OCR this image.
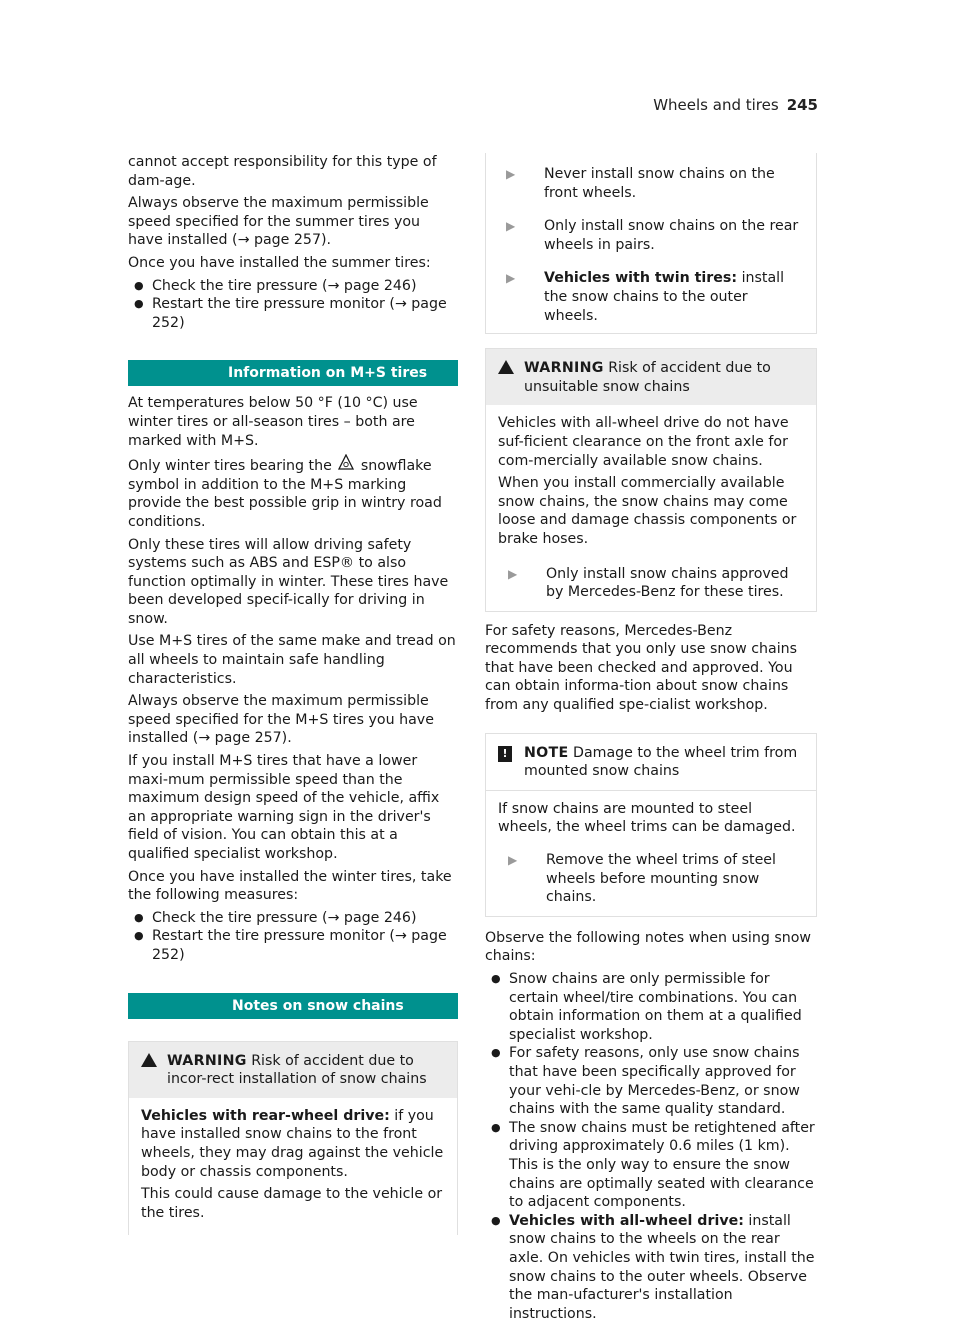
Wheels and tires 245

cannot accept responsibility for this type of dam-age.

Always observe the maximum permissible speed specified for the summer tires you have installed (→ page 257).

Once you have installed the summer tires:

● Check the tire pressure (→ page 246)
● Restart the tire pressure monitor (→ page 252)
Information on M+S tires

At temperatures below 50 °F (10 °C) use winter tires or all-season tires – both are marked with M+S.

Only winter tires bearing the snowflake symbol in addition to the M+S marking provide the best possible grip in wintry road conditions.

Only these tires will allow driving safety systems such as ABS and ESP® to also function optimally in winter. These tires have been developed specif-ically for driving in snow.

Use M+S tires of the same make and tread on all wheels to maintain safe handling characteristics.

Always observe the maximum permissible speed specified for the M+S tires you have installed (→ page 257).

If you install M+S tires that have a lower maxi-mum permissible speed than the maximum design speed of the vehicle, affix an appropriate warning sign in the driver's field of vision. You can obtain this at a qualified specialist workshop.

Once you have installed the winter tires, take the following measures:

● Check the tire pressure (→ page 246)
● Restart the tire pressure monitor (→ page 252)
Notes on snow chains
WARNING Risk of accident due to incor-rect installation of snow chains

Vehicles with rear-wheel drive: if you have installed snow chains to the front wheels, they may drag against the vehicle body or chassis components.

This could cause damage to the vehicle or the tires.

▶	Never install snow chains on the front wheels.
▶	Only install snow chains on the rear wheels in pairs.
▶	Vehicles with twin tires: install the snow chains to the outer wheels.
WARNING Risk of accident due to unsuitable snow chains

Vehicles with all-wheel drive do not have suf-ficient clearance on the front axle for com-mercially available snow chains.

When you install commercially available snow chains, the snow chains may come loose and damage chassis components or brake hoses.

▶	Only install snow chains approved by Mercedes-Benz for these tires.

For safety reasons, Mercedes-Benz recommends that you only use snow chains that have been checked and approved. You can obtain informa-tion about snow chains from any qualified spe-cialist workshop.

!	NOTE Damage to the wheel trim from mounted snow chains

If snow chains are mounted to steel wheels, the wheel trims can be damaged.

▶	Remove the wheel trims of steel wheels before mounting snow chains.

Observe the following notes when using snow chains:

● Snow chains are only permissible for certain wheel/tire combinations. You can obtain information on them at a qualified specialist workshop.
● For safety reasons, only use snow chains that have been specifically approved for your vehi-cle by Mercedes-Benz, or snow chains with the same quality standard.
● The snow chains must be retightened after driving approximately 0.6 miles (1 km). This is the only way to ensure the snow chains are optimally seated with clearance to adjacent components.
● Vehicles with all-wheel drive: install snow chains to the wheels on the rear axle. On vehicles with twin tires, install the snow chains to the outer wheels. Observe the man-ufacturer's installation instructions.
